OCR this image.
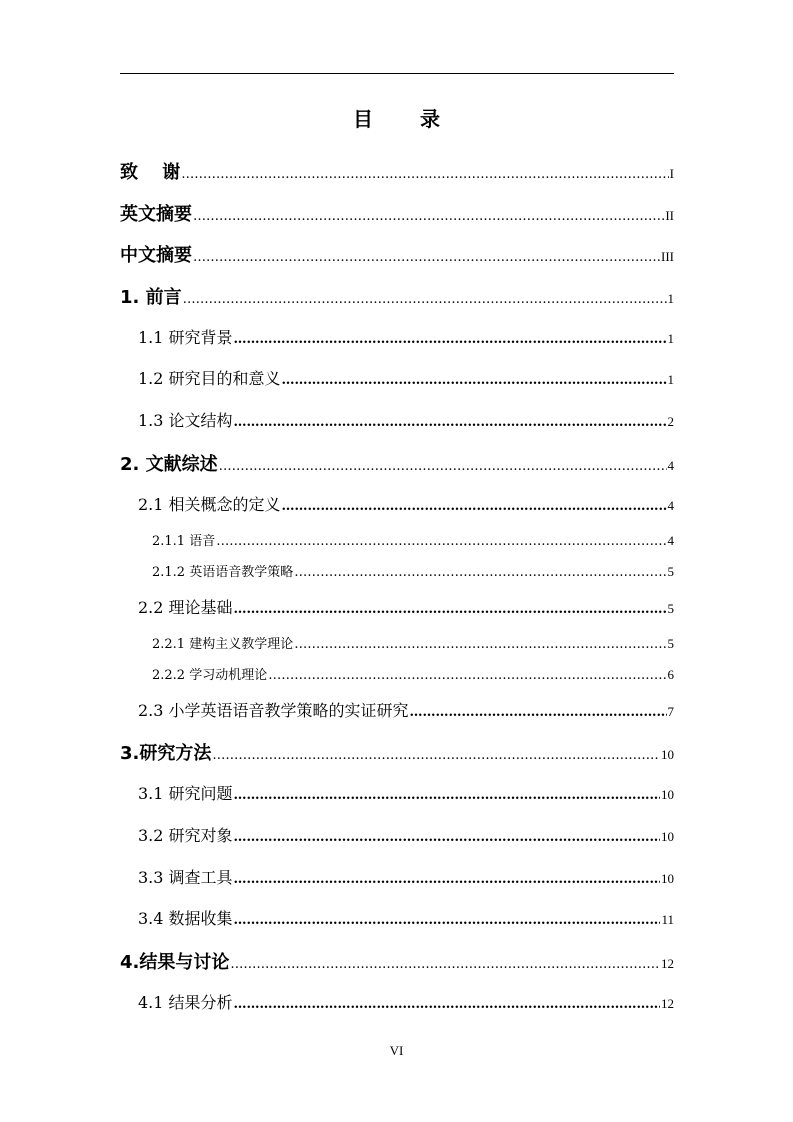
目 录
致　 谢 ………………………………………………………………………………………………………………………………………………………………………………………………………………	I
英文摘要 ………………………………………………………………………………………………………………………………………………………………………………………………………………	II
中文摘要 ………………………………………………………………………………………………………………………………………………………………………………………………………………	III
1. 前言 ………………………………………………………………………………………………………………………………………………………………………………………………………………	1
1.1 研究背景 ………………………………………………………………………………………………………………………………………………………………………………………………………………	1
1.2 研究目的和意义 ………………………………………………………………………………………………………………………………………………………………………………………………………………	1
1.3 论文结构 ………………………………………………………………………………………………………………………………………………………………………………………………………………	2
2. 文献综述 ………………………………………………………………………………………………………………………………………………………………………………………………………………	4
2.1 相关概念的定义 ………………………………………………………………………………………………………………………………………………………………………………………………………………	4
2.1.1 语音 ………………………………………………………………………………………………………………………………………………………………………………………………………………	4
2.1.2 英语语音教学策略 ………………………………………………………………………………………………………………………………………………………………………………………………………………	5
2.2 理论基础 ………………………………………………………………………………………………………………………………………………………………………………………………………………	5
2.2.1 建构主义教学理论 ………………………………………………………………………………………………………………………………………………………………………………………………………………	5
2.2.2 学习动机理论 ………………………………………………………………………………………………………………………………………………………………………………………………………………	6
2.3 小学英语语音教学策略的实证研究 ………………………………………………………………………………………………………………………………………………………………………………………………………………	7
3.研究方法 ………………………………………………………………………………………………………………………………………………………………………………………………………………	10
3.1 研究问题 ………………………………………………………………………………………………………………………………………………………………………………………………………………	10
3.2 研究对象 ………………………………………………………………………………………………………………………………………………………………………………………………………………	10
3.3 调查工具 ………………………………………………………………………………………………………………………………………………………………………………………………………………	10
3.4 数据收集 ………………………………………………………………………………………………………………………………………………………………………………………………………………	11
4.结果与讨论 ………………………………………………………………………………………………………………………………………………………………………………………………………………	12
4.1 结果分析 ………………………………………………………………………………………………………………………………………………………………………………………………………………	12
VI
